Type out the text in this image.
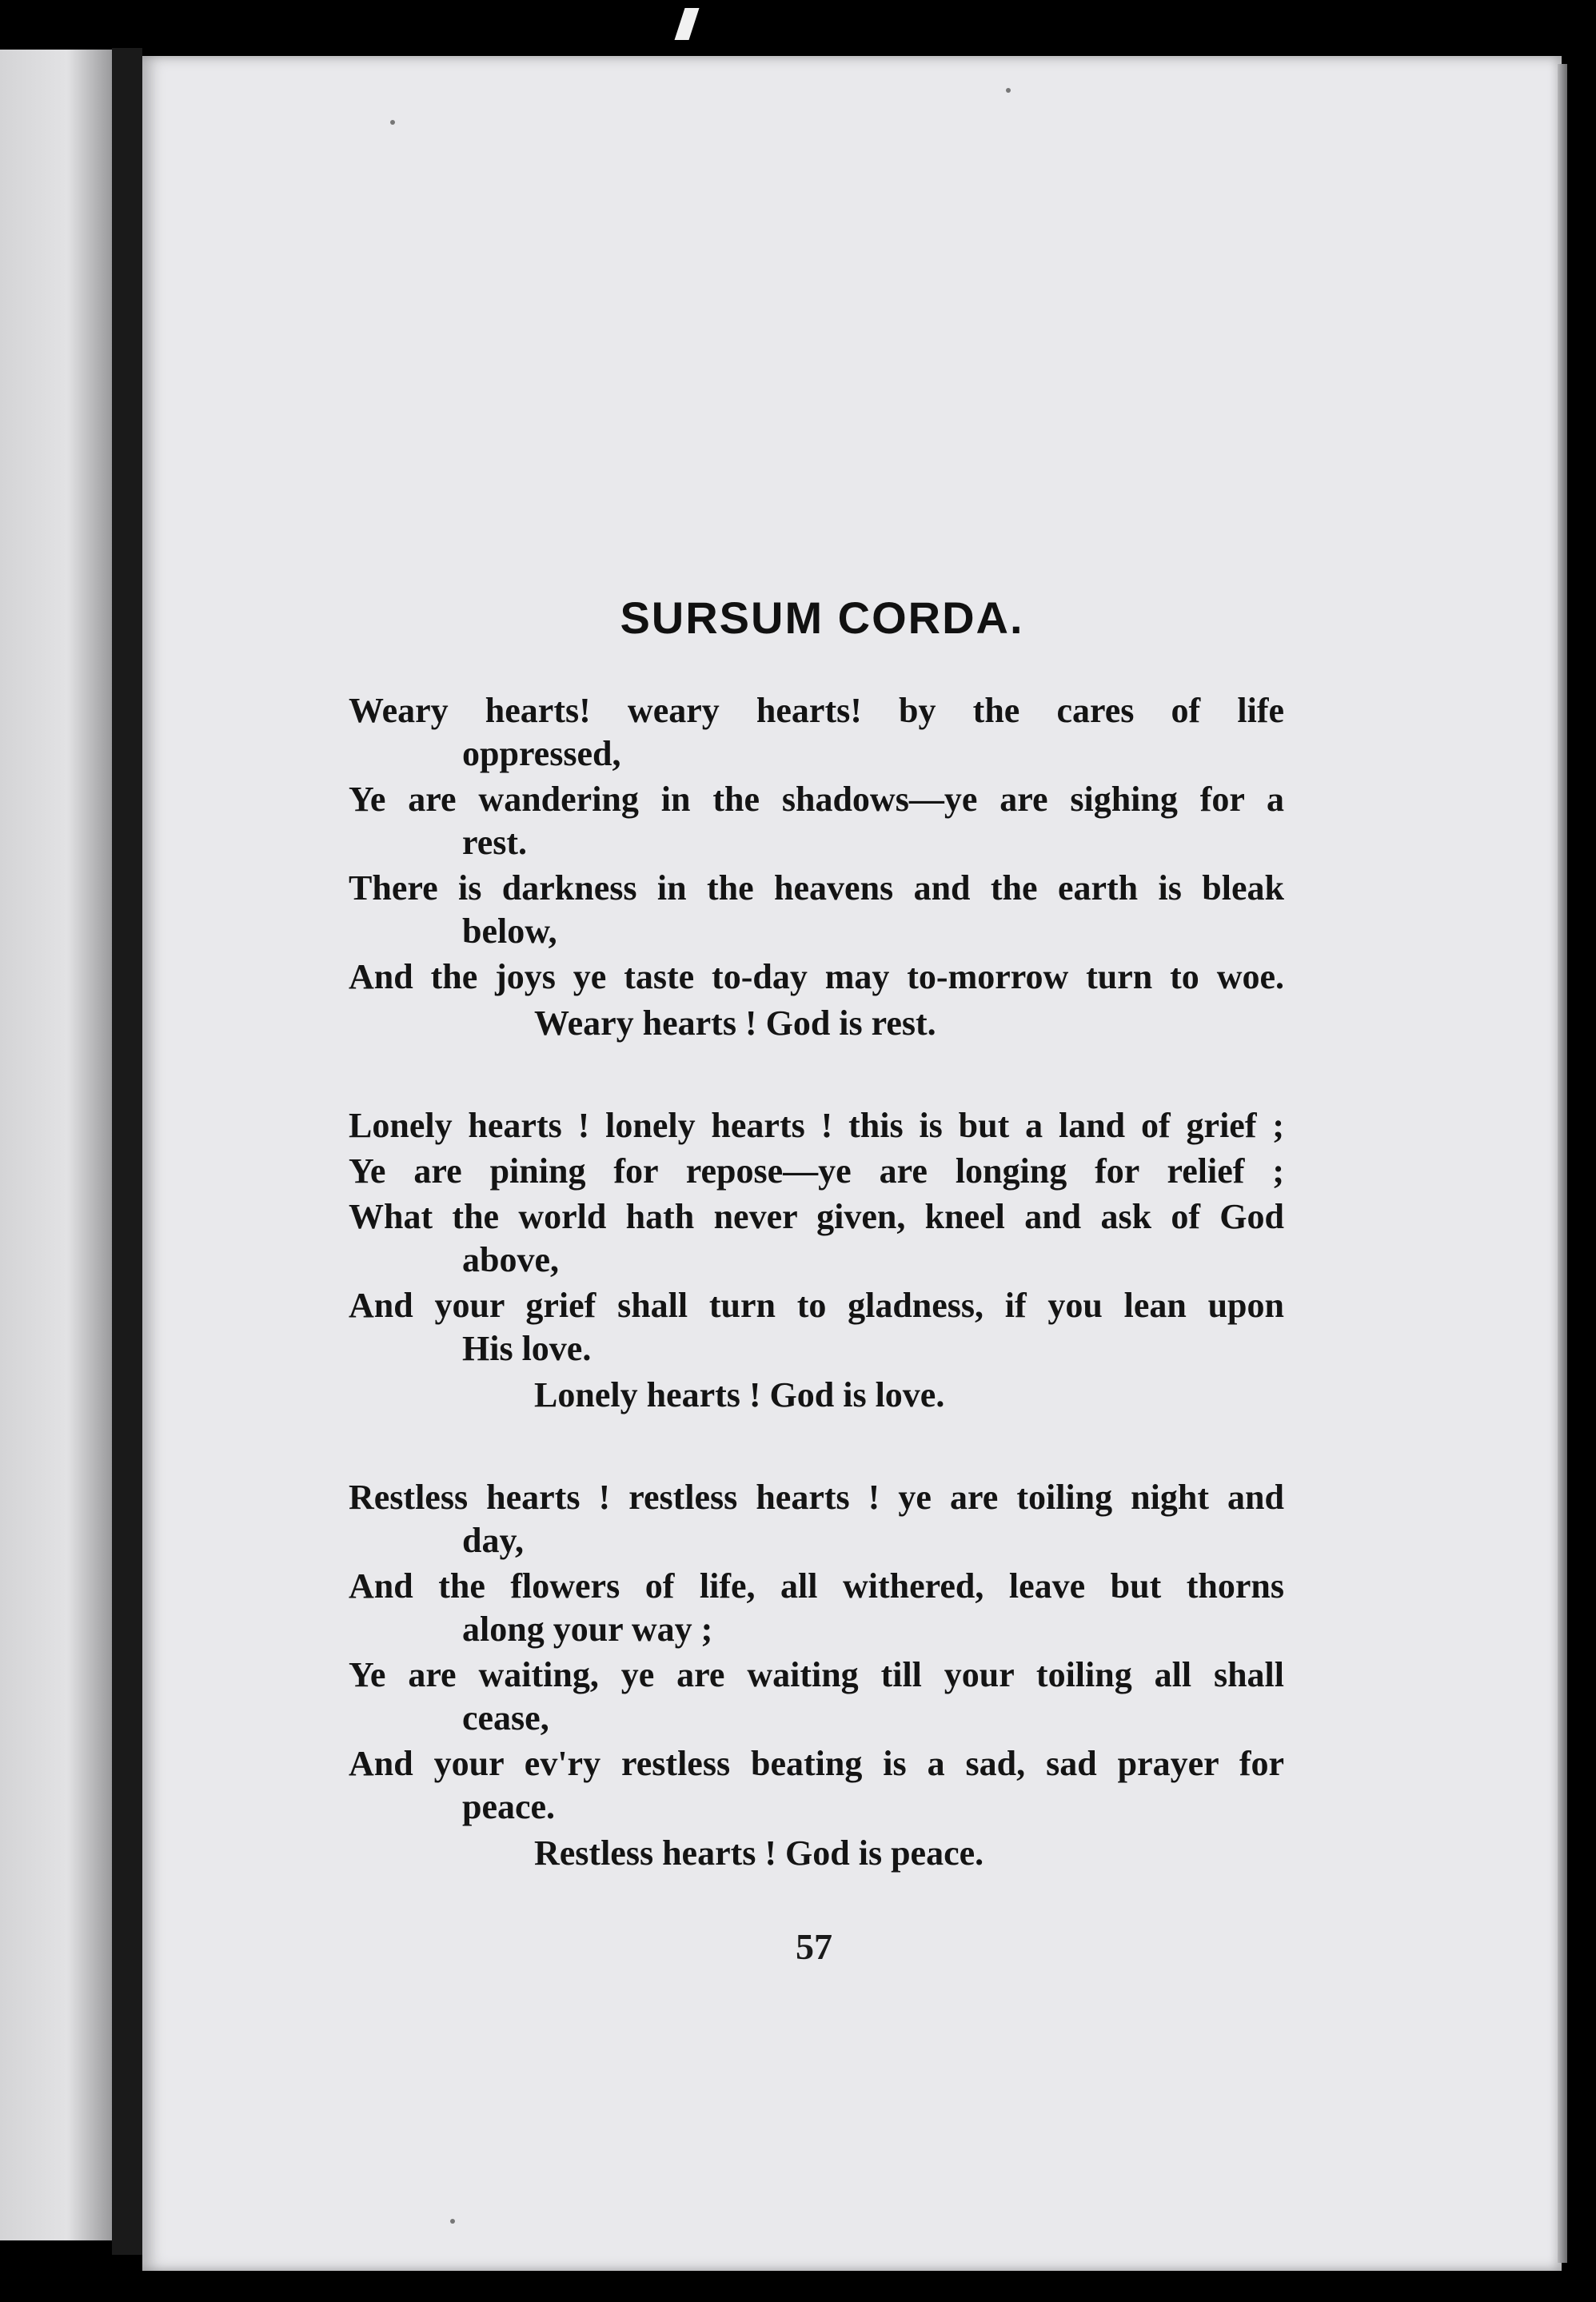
SURSUM CORDA.
Weary hearts! weary hearts! by the cares of life
oppressed,
Ye are wandering in the shadows—ye are sighing for a
rest.
There is darkness in the heavens and the earth is bleak
below,
And the joys ye taste to-day may to-morrow turn to woe.
Weary hearts ! God is rest.
Lonely hearts ! lonely hearts ! this is but a land of grief ;
Ye are pining for repose—ye are longing for relief ;
What the world hath never given, kneel and ask of God
above,
And your grief shall turn to gladness, if you lean upon
His love.
Lonely hearts ! God is love.
Restless hearts ! restless hearts ! ye are toiling night and
day,
And the flowers of life, all withered, leave but thorns
along your way ;
Ye are waiting, ye are waiting till your toiling all shall
cease,
And your ev'ry restless beating is a sad, sad prayer for
peace.
Restless hearts ! God is peace.
57
